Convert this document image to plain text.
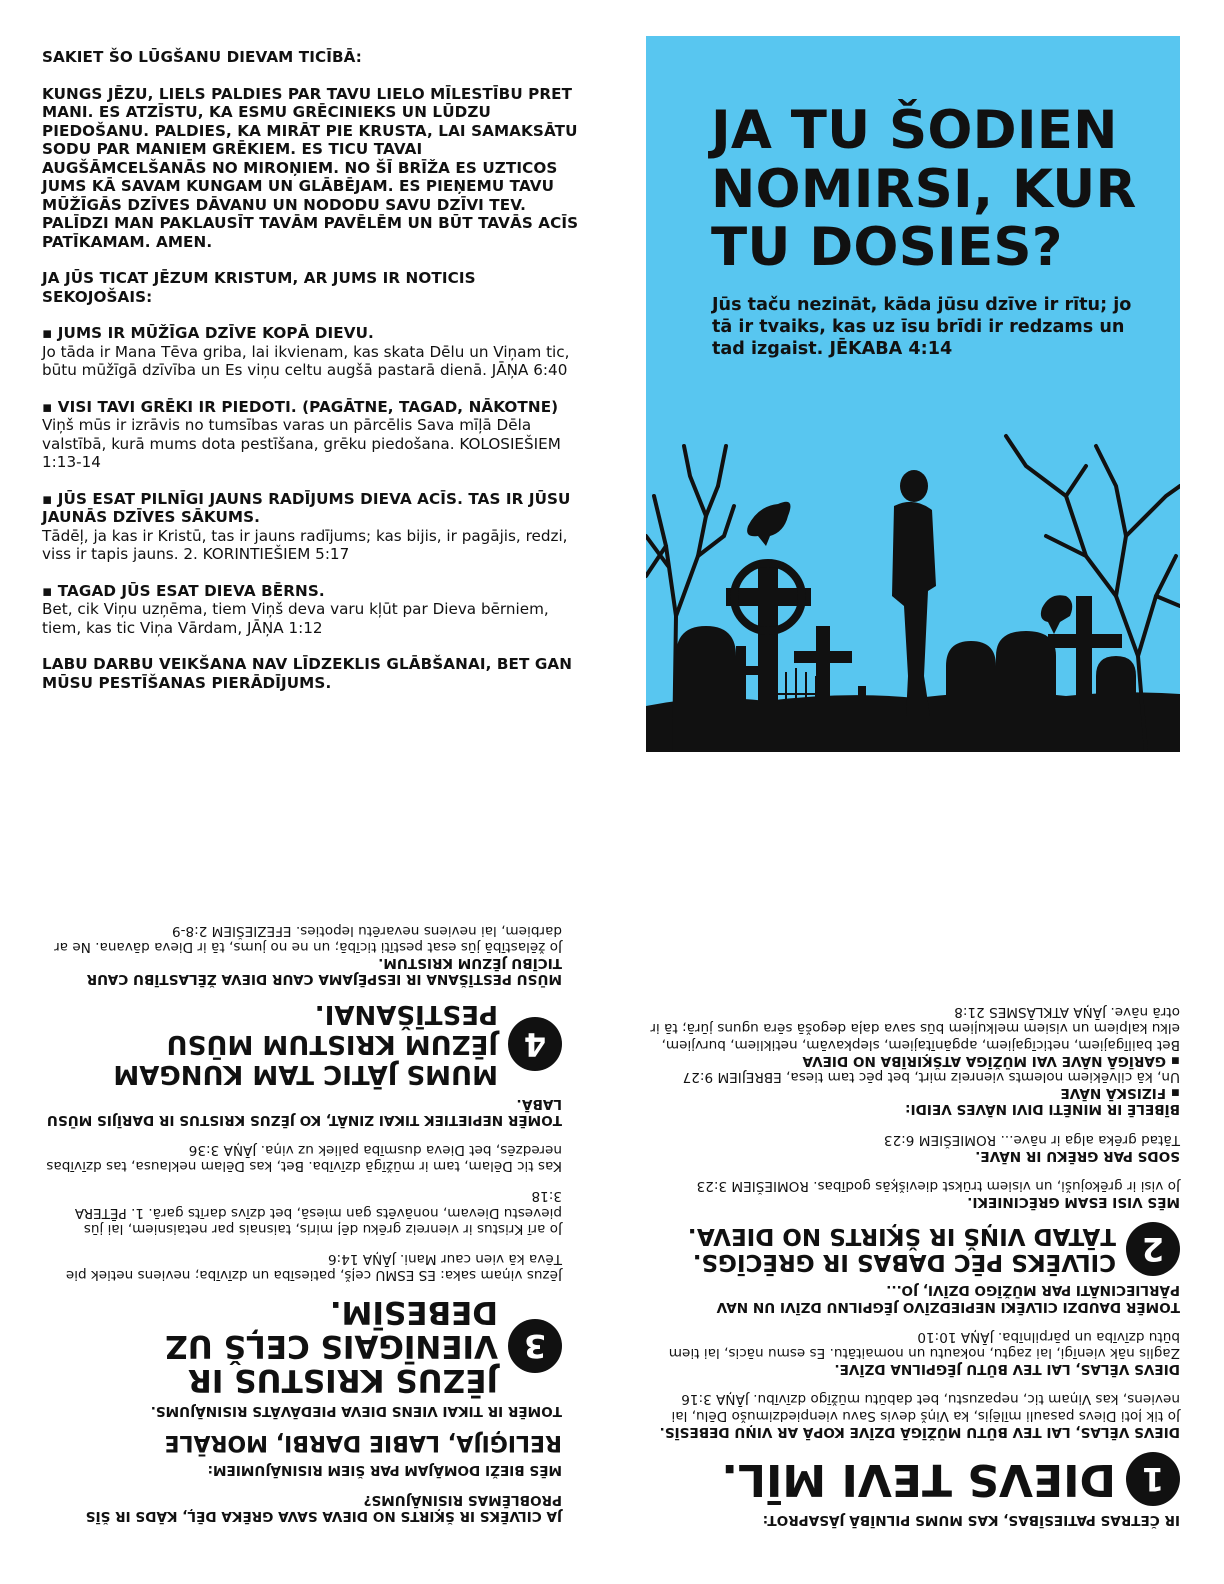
SAKIET ŠO LŪGŠANU DIEVAM TICĪBĀ:
KUNGS JĒZU, LIELS PALDIES PAR TAVU LIELO MĪLESTĪBU PRET MANI. ES ATZĪSTU, KA ESMU GRĒCINIEKS UN LŪDZU PIEDOŠANU. PALDIES, KA MIRĀT PIE KRUSTA, LAI SAMAKSĀTU SODU PAR MANIEM GRĒKIEM. ES TICU TAVAI AUGŠĀMCELŠANĀS NO MIROŅIEM. NO ŠĪ BRĪŽA ES UZTICOS JUMS KĀ SAVAM KUNGAM UN GLĀBĒJAM. ES PIEŅEMU TAVU MŪŽĪGĀS DZĪVES DĀVANU UN NODODU SAVU DZĪVI TEV. PALĪDZI MAN PAKLAUSĪT TAVĀM PAVĒLĒM UN BŪT TAVĀS ACĪS PATĪKAMAM. AMEN.
JA JŪS TICAT JĒZUM KRISTUM, AR JUMS IR NOTICIS SEKOJOŠAIS:
▪ JUMS IR MŪŽĪGA DZĪVE KOPĀ DIEVU.
Jo tāda ir Mana Tēva griba, lai ikvienam, kas skata Dēlu un Viņam tic, būtu mūžīgā dzīvība un Es viņu celtu augšā pastarā dienā. JĀŅA 6:40
▪ VISI TAVI GRĒKI IR PIEDOTI. (PAGĀTNE, TAGAD, NĀKOTNE)
Viņš mūs ir izrāvis no tumsības varas un pārcēlis Sava mīļā Dēla valstībā, kurā mums dota pestīšana, grēku piedošana. KOLOSIEŠIEM 1:13-14
▪ JŪS ESAT PILNĪGI JAUNS RADĪJUMS DIEVA ACĪS. TAS IR JŪSU JAUNĀS DZĪVES SĀKUMS.
Tādēļ, ja kas ir Kristū, tas ir jauns radījums; kas bijis, ir pagājis, redzi, viss ir tapis jauns. 2. KORINTIEŠIEM 5:17
▪ TAGAD JŪS ESAT DIEVA BĒRNS.
Bet, cik Viņu uzņēma, tiem Viņš deva varu kļūt par Dieva bērniem, tiem, kas tic Viņa Vārdam, JĀŅA 1:12
LABU DARBU VEIKŠANA NAV LĪDZEKLIS GLĀBŠANAI, BET GAN MŪSU PESTĪŠANAS PIERĀDĪJUMS.
JA TU ŠODIEN NOMIRSI, KUR TU DOSIES?
Jūs taču nezināt, kāda jūsu dzīve ir rītu; jo tā ir tvaiks, kas uz īsu brīdi ir redzams un tad izgaist. JĒKABA 4:14
JA CILVĒKS IR ŠĶIRTS NO DIEVA SAVA GRĒKA DĒĻ, KĀDS IR ŠĪS PROBLĒMAS RISINĀJUMS?
MĒS BIEŽI DOMĀJAM PAR ŠIEM RISINĀJUMIEM:
RELIĢIJA, LABIE DARBI, MORĀLE
TOMĒR IR TIKAI VIENS DIEVA PIEDĀVĀTS RISINĀJUMS.
3
JĒZUS KRISTUS IR VIENĪGAIS CEĻŠ UZ DEBESĪM.
Jēzus viņam saka: ES ESMU ceļš, patiesība un dzīvība; neviens netiek pie Tēva kā vien caur Mani. JĀŅA 14:6
Jo arī Kristus ir vienreiz grēku dēļ miris, taisnais par netaisniem, lai jūs pievestu Dievam, nonāvēts gan miesā, bet dzīvs darīts garā. 1. PĒTERA 3:18
Kas tic Dēlam, tam ir mūžīgā dzīvība. Bet, kas Dēlam neklausa, tas dzīvības neredzēs, bet Dieva dusmība paliek uz viņa. JĀŅA 3:36
TOMĒR NEPIETIEK TIKAI ZINĀT, KO JĒZUS KRISTUS IR DARĪJIS MŪSU LABĀ.
4
MUMS JĀTIC TAM KUNGAM JĒZUM KRISTUM MŪSU PESTĪŠANAI.
MŪSU PESTĪŠANA IR IESPĒJAMA CAUR DIEVA ŽĒLASTĪBU CAUR TICĪBU JĒZUM KRISTUM.
Jo žēlastībā jūs esat pestīti ticībā; un ne no jums, tā ir Dieva dāvana. Ne ar darbiem, lai neviens nevarētu lepoties. EFEZIEŠIEM 2:8-9
IR ČETRAS PATIESĪBAS, KAS MUMS PILNĪBĀ JĀSAPROT:
1
DIEVS TEVI MĪL.
DIEVS VĒLAS, LAI TEV BŪTU MŪŽĪGĀ DZĪVE KOPĀ AR VIŅU DEBESĪS.
Jo tik ļoti Dievs pasauli mīlējis, ka Viņš devis Savu vienpiedzimušo Dēlu, lai neviens, kas Viņam tic, nepazustu, bet dabūtu mūžīgo dzīvību. JĀŅA 3:16
DIEVS VĒLAS, LAI TEV BŪTU JĒGPILNA DZĪVE.
Zaglis nāk vienīgi, lai zagtu, nokautu un nomaitātu. Es esmu nācis, lai tiem būtu dzīvība un pārpilnība. JĀŅA 10:10
TOMĒR DAUDZI CILVĒKI NEPIEDZĪVO JĒGPILNU DZĪVI UN NAV PĀRLIECINĀTI PAR MŪŽĪGO DZĪVI, JO...
2
CILVĒKS PĒC DABAS IR GRĒCĪGS. TĀTAD VIŅŠ IR ŠĶIRTS NO DIEVA.
MĒS VISI ESAM GRĒCINIEKI.
Jo visi ir grēkojuši, un visiem trūkst dievišķās godības. ROMIEŠIEM 3:23
SODS PAR GRĒKU IR NĀVE.
Tātad grēka alga ir nāve... ROMIEŠIEM 6:23
BĪBELĒ IR MINĒTI DIVI NĀVES VEIDI:
▪ FIZISKĀ NĀVE
Un, kā cilvēkiem nolemts vienreiz mirt, bet pēc tam tiesa, EBREJIEM 9:27
▪ GARĪGĀ NĀVE VAI MŪŽĪGA ATŠĶIRĪBA NO DIEVA
Bet bailīgajiem, neticīgajiem, apgānītajiem, slepkavām, netikliem, burvjiem, elku kalpiem un visiem melkuļiem būs sava daļa degošā sēra uguns jūrā; tā ir otrā nāve. JĀŅA ATKLĀSMES 21:8
